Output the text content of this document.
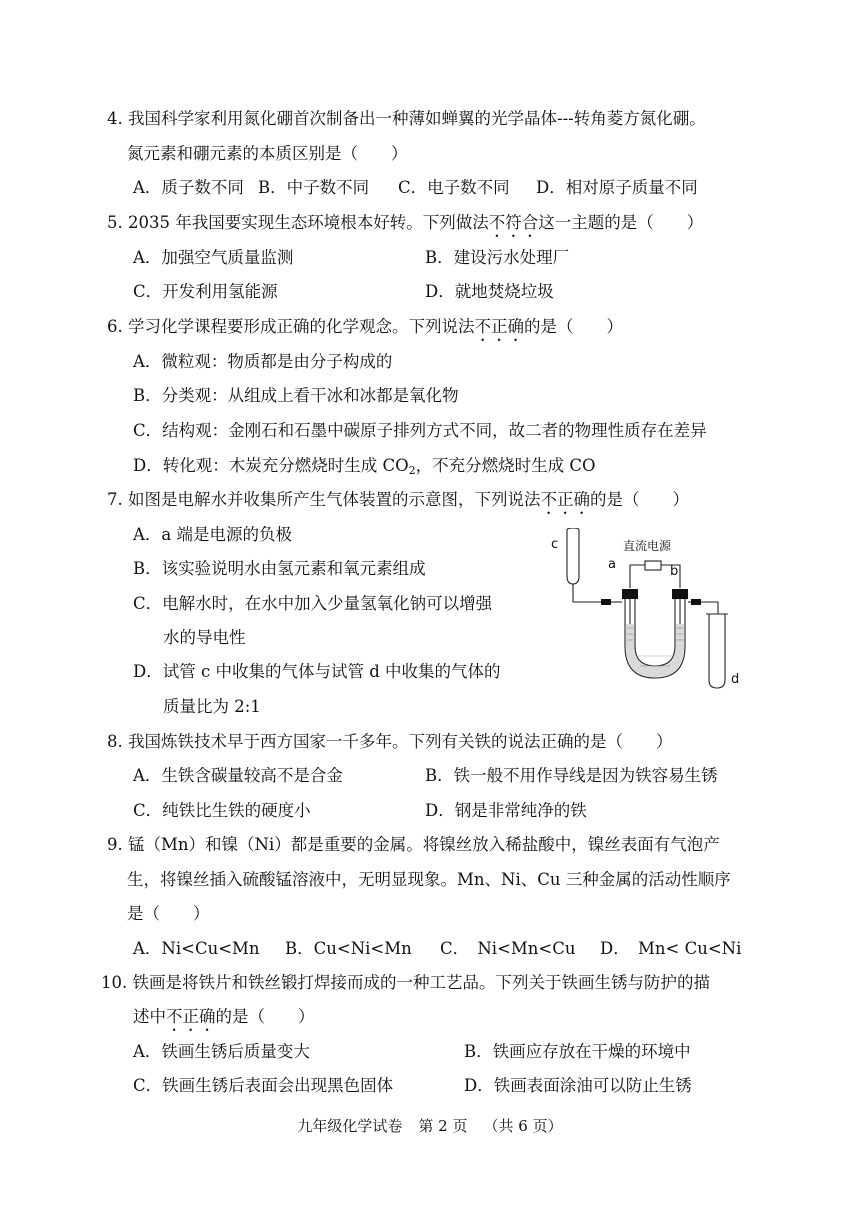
4. 我国科学家利用氮化硼首次制备出一种薄如蝉翼的光学晶体---转角菱方氮化硼。
氮元素和硼元素的本质区别是（　　）
A．质子数不同 B．中子数不同 C．电子数不同 D．相对原子质量不同
5. 2035 年我国要实现生态环境根本好转。下列做法不符合这一主题的是（　　）
A．加强空气质量监测	B．建设污水处理厂
C．开发利用氢能源	D．就地焚烧垃圾
6. 学习化学课程要形成正确的化学观念。下列说法不正确的是（　　）
A．微粒观：物质都是由分子构成的
B．分类观：从组成上看干冰和冰都是氧化物
C．结构观：金刚石和石墨中碳原子排列方式不同，故二者的物理性质存在差异
D．转化观：木炭充分燃烧时生成 $CO_2$，不充分燃烧时生成 CO
7. 如图是电解水并收集所产生气体装置的示意图，下列说法不正确的是（　　）
A．a 端是电源的负极
B．该实验说明水由氢元素和氧元素组成
C．电解水时，在水中加入少量氢氧化钠可以增强
水的导电性
D．试管 c 中收集的气体与试管 d 中收集的气体的
质量比为 2:1
直流电源
a	b
c
d
8. 我国炼铁技术早于西方国家一千多年。下列有关铁的说法正确的是（　　）
A．生铁含碳量较高不是合金	B．铁一般不用作导线是因为铁容易生锈
C．纯铁比生铁的硬度小	D．钢是非常纯净的铁
9. 锰（Mn）和镍（Ni）都是重要的金属。将镍丝放入稀盐酸中，镍丝表面有气泡产
生，将镍丝插入硫酸锰溶液中，无明显现象。Mn、Ni、Cu 三种金属的活动性顺序
是（　　）
A．Ni<Cu<Mn B．Cu<Ni<Mn C．　Ni<Mn<Cu D．　Mn< Cu<Ni
10. 铁画是将铁片和铁丝锻打焊接而成的一种工艺品。下列关于铁画生锈与防护的描
述中不正确的是（　　）
A．铁画生锈后质量变大	B．铁画应存放在干燥的环境中
C．铁画生锈后表面会出现黑色固体	D．铁画表面涂油可以防止生锈
九年级化学试卷 第 2 页 （共 6 页）
